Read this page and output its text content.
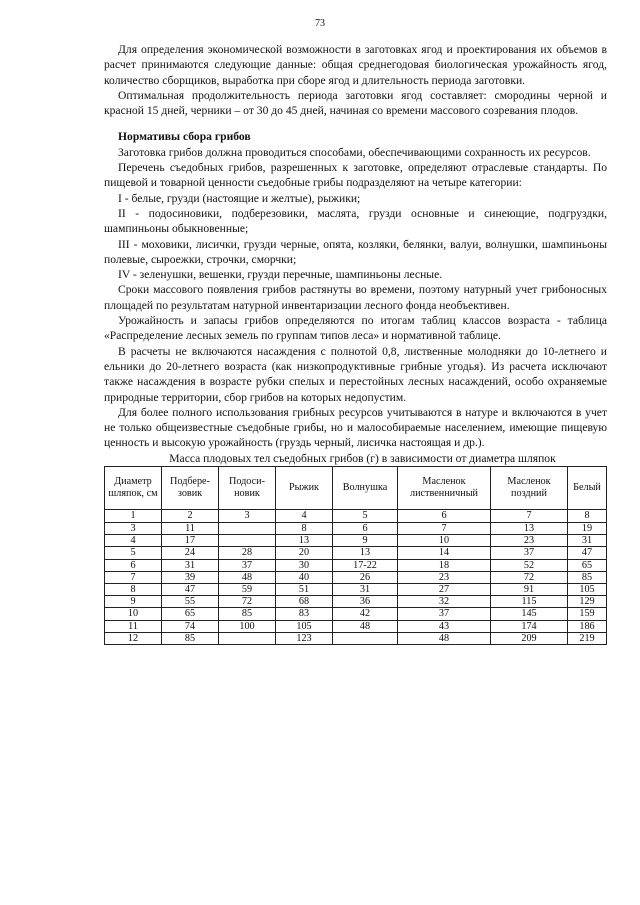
73

Для определения экономической возможности в заготовках ягод и проектирования их объемов в расчет принимаются следующие данные: общая среднегодовая биологическая урожайность ягод, количество сборщиков, выработка при сборе ягод и длительность периода заготовки.

Оптимальная продолжительность периода заготовки ягод составляет: смородины черной и красной 15 дней, черники – от 30 до 45 дней, начиная со времени массового созревания плодов.

Нормативы сбора грибов

Заготовка грибов должна проводиться способами, обеспечивающими сохранность их ресурсов.

Перечень съедобных грибов, разрешенных к заготовке, определяют отраслевые стандарты. По пищевой и товарной ценности съедобные грибы подразделяют на четыре категории:

I - белые, грузди (настоящие и желтые), рыжики;

II - подосиновики, подберезовики, маслята, грузди основные и синеющие, подгруздки, шампиньоны обыкновенные;

III - моховики, лисички, грузди черные, опята, козляки, белянки, валуи, волнушки, шампиньоны полевые, сыроежки, строчки, сморчки;

IV - зеленушки, вешенки, грузди перечные, шампиньоны лесные.

Сроки массового появления грибов растянуты во времени, поэтому натурный учет грибоносных площадей по результатам натурной инвентаризации лесного фонда необъективен.

Урожайность и запасы грибов определяются по итогам таблиц классов возраста - таблица «Распределение лесных земель по группам типов леса» и нормативной таблице.

В расчеты не включаются насаждения с полнотой 0,8, лиственные молодняки до 10-летнего и ельники до 20-летнего возраста (как низкопродуктивные грибные угодья). Из расчета исключают также насаждения в возрасте рубки спелых и перестойных лесных насаждений, особо охраняемые природные территории, сбор грибов на которых недопустим.

Для более полного использования грибных ресурсов учитываются в натуре и включаются в учет не только общеизвестные съедобные грибы, но и малособираемые населением, имеющие пищевую ценность и высокую урожайность (груздь черный, лисичка настоящая и др.).

Масса плодовых тел съедобных грибов (г) в зависимости от диаметра шляпок

Диаметр шляпок, см	Подбере-зовик	Подоси-новик	Рыжик	Волнушка	Масленок лиственничный	Масленок поздний	Белый
1	2	3	4	5	6	7	8
3	11		8	6	7	13	19
4	17		13	9	10	23	31
5	24	28	20	13	14	37	47
6	31	37	30	17-22	18	52	65
7	39	48	40	26	23	72	85
8	47	59	51	31	27	91	105
9	55	72	68	36	32	115	129
10	65	85	83	42	37	145	159
11	74	100	105	48	43	174	186
12	85		123		48	209	219
